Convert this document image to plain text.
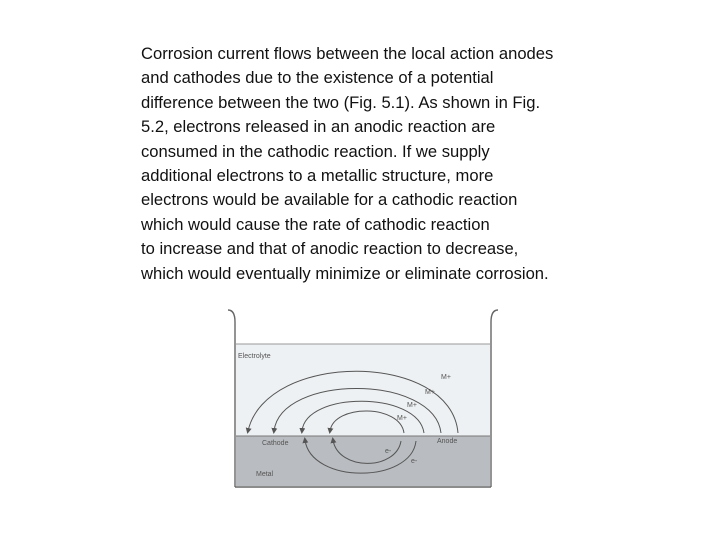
Corrosion current flows between the local action anodes
and cathodes due to the existence of a potential
difference between the two (Fig. 5.1). As shown in Fig.
5.2, electrons released in an anodic reaction are
consumed in the cathodic reaction. If we supply
additional electrons to a metallic structure, more
electrons would be available for a cathodic reaction
which would cause the rate of cathodic reaction
to increase and that of anodic reaction to decrease,
which would eventually minimize or eliminate corrosion.
Electrolyte
Cathode	Anode
Metal
M+
M+
M+
M+
e-
e-
